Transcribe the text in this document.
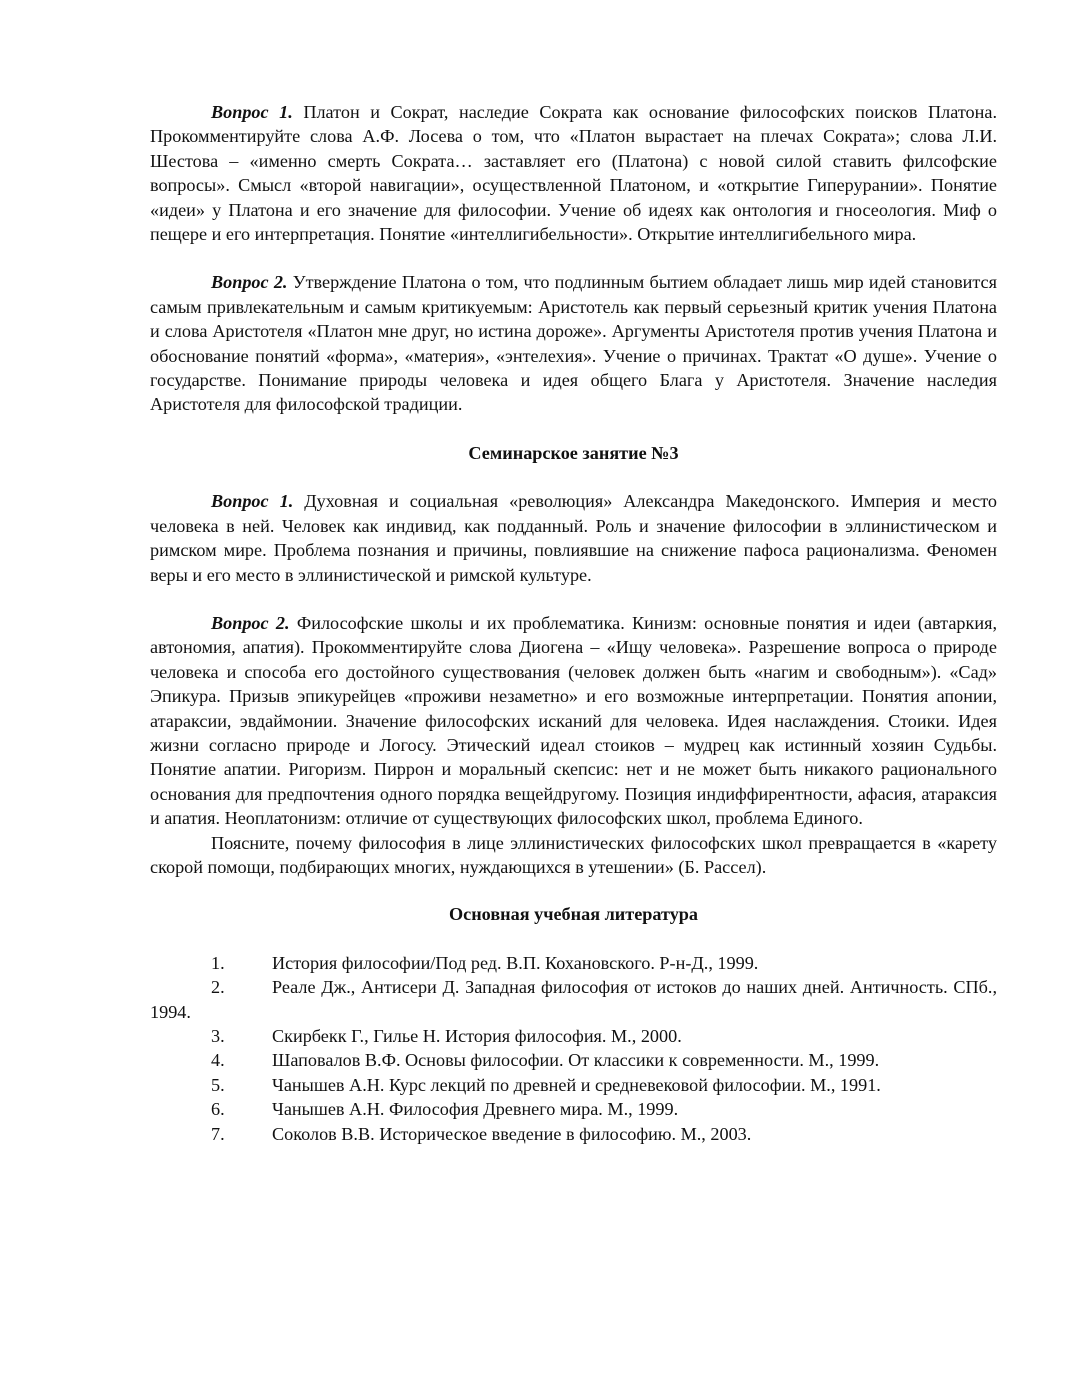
Вопрос 1. Платон и Сократ, наследие Сократа как основание философских поисков Платона. Прокомментируйте слова А.Ф. Лосева о том, что «Платон вырастает на плечах Сократа»; слова Л.И. Шестова – «именно смерть Сократа… заставляет его (Платона) с новой силой ставить филсофские вопросы». Смысл «второй навигации», осуществленной Платоном, и «открытие Гиперурании». Понятие «идеи» у Платона и его значение для философии. Учение об идеях как онтология и гносеология. Миф о пещере и его интерпретация. Понятие «интеллигибельности». Открытие интеллигибельного мира.

Вопрос 2. Утверждение Платона о том, что подлинным бытием обладает лишь мир идей становится самым привлекательным и самым критикуемым: Аристотель как первый серьезный критик учения Платона и слова Аристотеля «Платон мне друг, но истина дороже». Аргументы Аристотеля против учения Платона и обоснование понятий «форма», «материя», «энтелехия». Учение о причинах. Трактат «О душе». Учение о государстве. Понимание природы человека и идея общего Блага у Аристотеля. Значение наследия Аристотеля для философской традиции.

Семинарское занятие №3

Вопрос 1. Духовная и социальная «революция» Александра Македонского. Империя и место человека в ней. Человек как индивид, как подданный. Роль и значение философии в эллинистическом и римском мире. Проблема познания и причины, повлиявшие на снижение пафоса рационализма. Феномен веры и его место в эллинистической и римской культуре.

Вопрос 2. Философские школы и их проблематика. Кинизм: основные понятия и идеи (автаркия, автономия, апатия). Прокомментируйте слова Диогена – «Ищу человека». Разрешение вопроса о природе человека и способа его достойного существования (человек должен быть «нагим и свободным»). «Сад» Эпикура. Призыв эпикурейцев «проживи незаметно» и его возможные интерпретации. Понятия апонии, атараксии, эвдаймонии. Значение философских исканий для человека. Идея наслаждения. Стоики. Идея жизни согласно природе и Логосу. Этический идеал стоиков – мудрец как истинный хозяин Судьбы. Понятие апатии. Ригоризм. Пиррон и моральный скепсис: нет и не может быть никакого рационального основания для предпочтения одного порядка вещейдругому. Позиция индиффирентности, афасия, атараксия и апатия. Неоплатонизм: отличие от существующих философских школ, проблема Единого.

Поясните, почему философия в лице эллинистических философских школ превращается в «карету скорой помощи, подбирающих многих, нуждающихся в утешении» (Б. Рассел).

Основная учебная литература
1.	История философии/Под ред. В.П. Кохановского. Р-н-Д., 1999.
2.	Реале Дж., Антисери Д. Западная философия от истоков до наших дней. Античность. СПб., 1994.
3.	Скирбекк Г., Гилье Н. История философия. М., 2000.
4.	Шаповалов В.Ф. Основы философии. От классики к современности. М., 1999.
5.	Чанышев А.Н. Курс лекций по древней и средневековой философии. М., 1991.
6.	Чанышев А.Н. Философия Древнего мира. М., 1999.
7.	Соколов В.В. Историческое введение в философию. М., 2003.
